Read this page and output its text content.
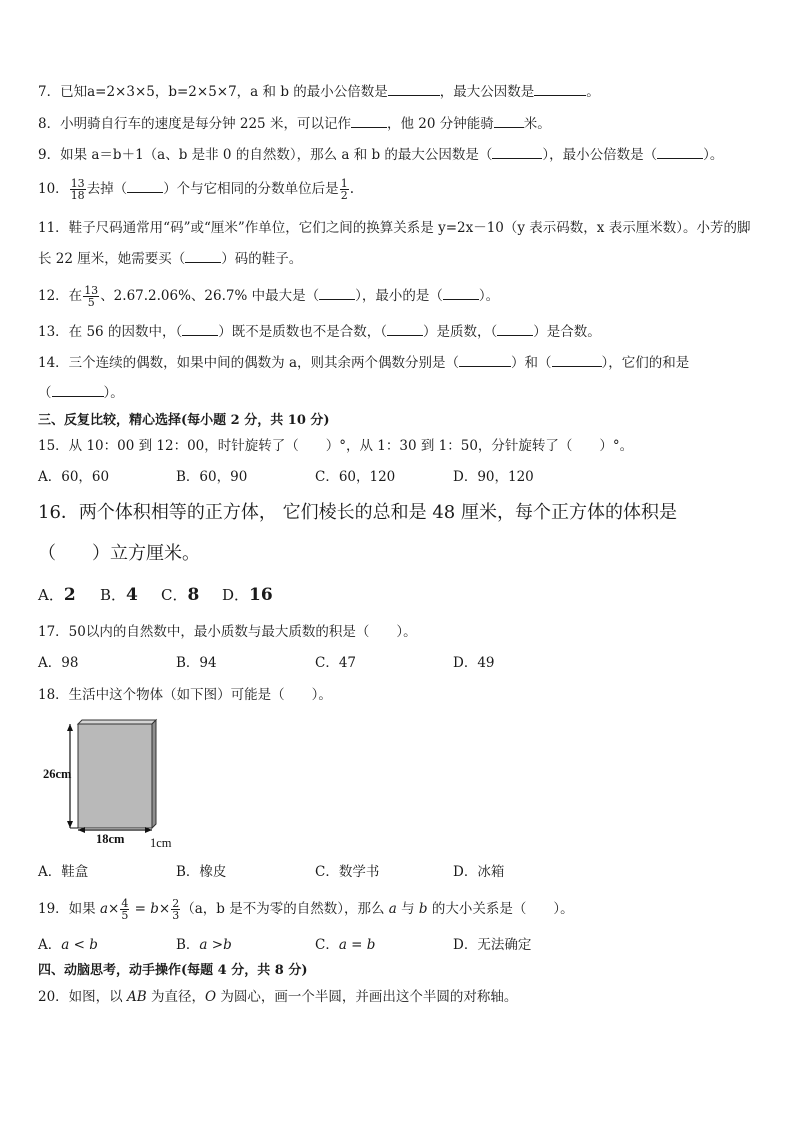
7．已知a=2×3×5，b=2×5×7，a 和 b 的最小公倍数是	，最大公因数是	。
8．小明骑自行车的速度是每分钟 225 米，可以记作	，他 20 分钟能骑 米。
9．如果 a＝b＋1（a、b 是非 0 的自然数），那么 a 和 b 的最大公因数是（	），最小公倍数是（	）。
10． $\frac{13}{18}$ 去掉（	）个与它相同的分数单位后是 $\frac{1}{2}$ .
11．鞋子尺码通常用“码”或“厘米”作单位，它们之间的换算关系是 y=2x－10（y 表示码数，x 表示厘米数）。小芳的脚
长 22 厘米，她需要买（	）码的鞋子。
12．在 $\frac{13}{5}$ 、2.67.2.06%、26.7% 中最大是（	），最小的是（	）。
13．在 56 的因数中，（	）既不是质数也不是合数，（	）是质数，（	）是合数。
14．三个连续的偶数，如果中间的偶数为 a，则其余两个偶数分别是（	）和（	），它们的和是
（	）。
三、反复比较，精心选择(每小题 2 分，共 10 分)
15．从 10：00 到 12：00，时针旋转了（　　）°，从 1：30 到 1：50，分针旋转了（　　）°。
A．60，60	B．60，90	C．60，120	D．90，120
16．两个体积相等的正方体， 它们棱长的总和是 48 厘米，每个正方体的体积是
（　　）立方厘米。
A．2 B．4 C．8 D．16
17．50以内的自然数中，最小质数与最大质数的积是（　　）。
A．98	B．94	C．47	D．49
18．生活中这个物体（如下图）可能是（　　）。
26cm
18cm 1cm
A．鞋盒	B．橡皮	C．数学书	D．冰箱
19．如果 $a\times \frac{4}{5} = b\times \frac{2}{3} (a$，b 是不为零的自然数），那么 a 与 b 的大小关系是（　　）。
A．a < b	B．a >b	C．a = b	D．无法确定
四、动脑思考，动手操作(每题 4 分，共 8 分)
20．如图，以 AB 为直径，O 为圆心，画一个半圆，并画出这个半圆的对称轴。
